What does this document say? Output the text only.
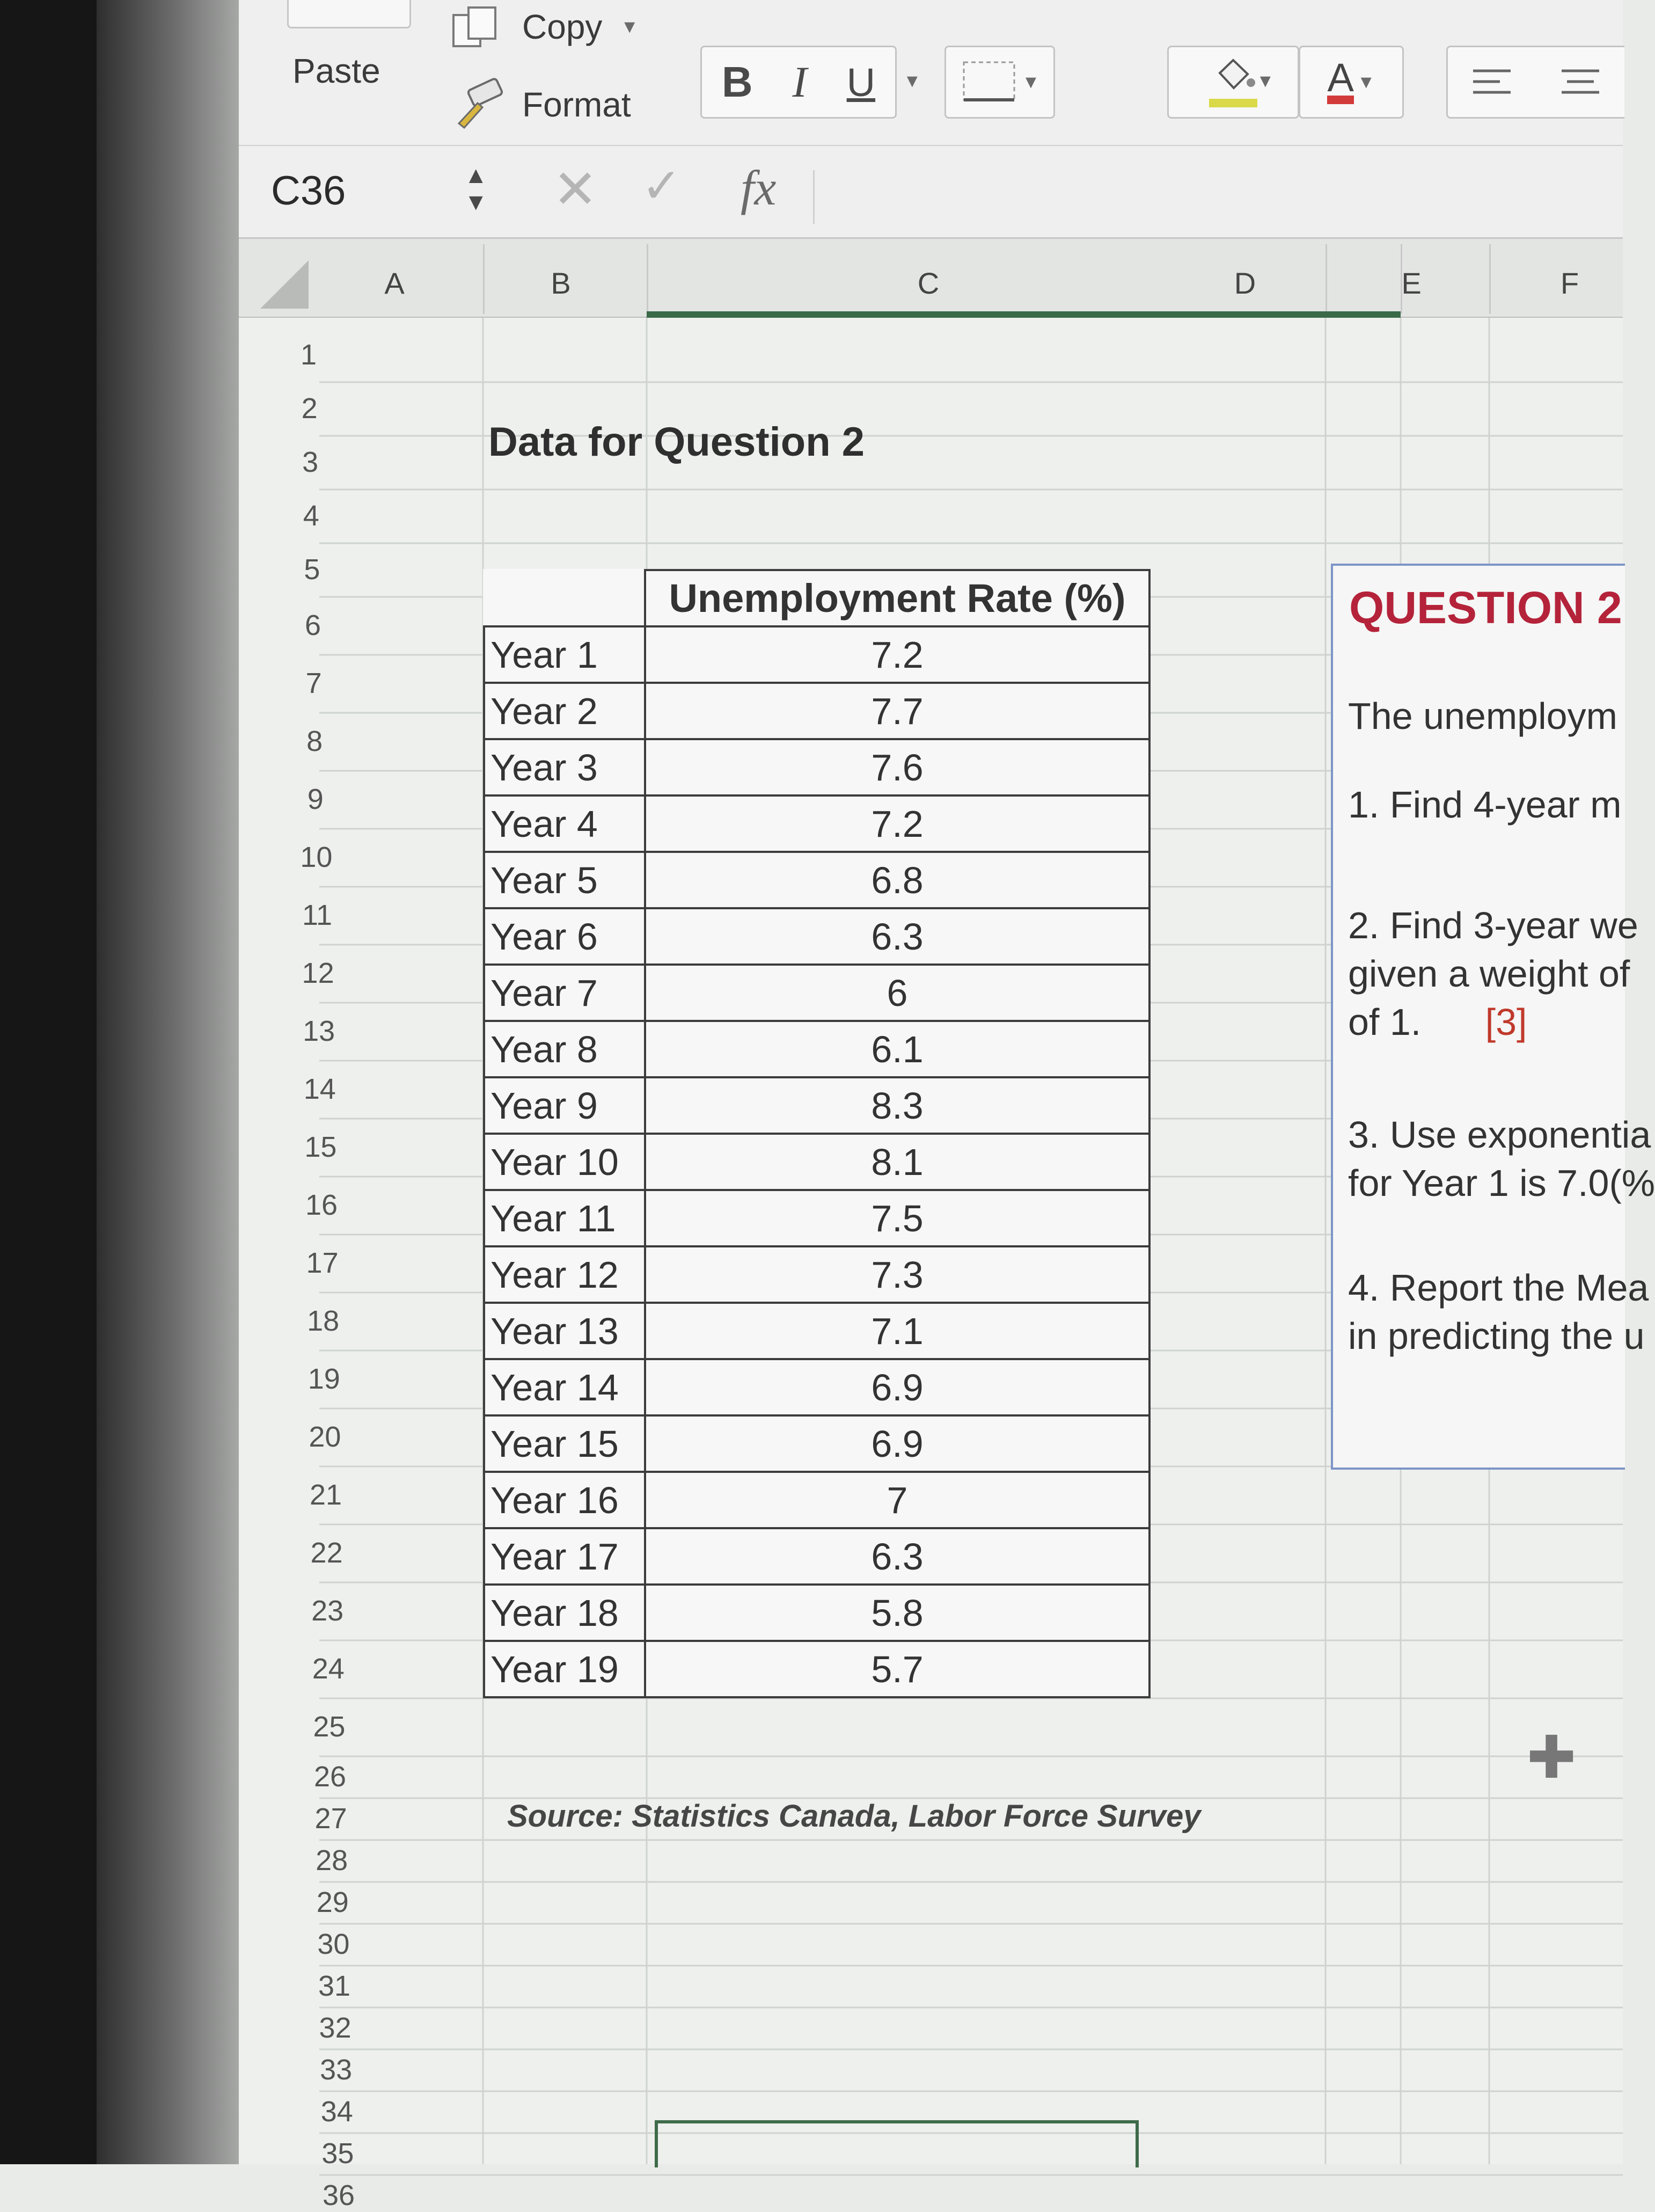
Paste
Copy ▼
Format B I U ▼	▼	▼ A ▼
C36	▲
▼ ✕ ✓ fx
A	B	C	D	E	F
1
2
3
4
5
6
7
8
9
10
11
12
13
14
15
16
17
18
19
20
21
22
23
24
25
26
27
28
29
30
31
32
33
34
35
36
Data for Question 2
	Unemployment Rate (%)
Year 1	7.2
Year 2	7.7
Year 3	7.6
Year 4	7.2
Year 5	6.8
Year 6	6.3
Year 7	6
Year 8	6.1
Year 9	8.3
Year 10	8.1
Year 11	7.5
Year 12	7.3
Year 13	7.1
Year 14	6.9
Year 15	6.9
Year 16	7
Year 17	6.3
Year 18	5.8
Year 19	5.7
Source: Statistics Canada, Labor Force Survey
QUESTION 2
The unemploym
1. Find 4-year m
2. Find 3-year we
given a weight of
of 1. [3]
3. Use exponentia
for Year 1 is 7.0(%
4. Report the Mea
in predicting the u
✚
